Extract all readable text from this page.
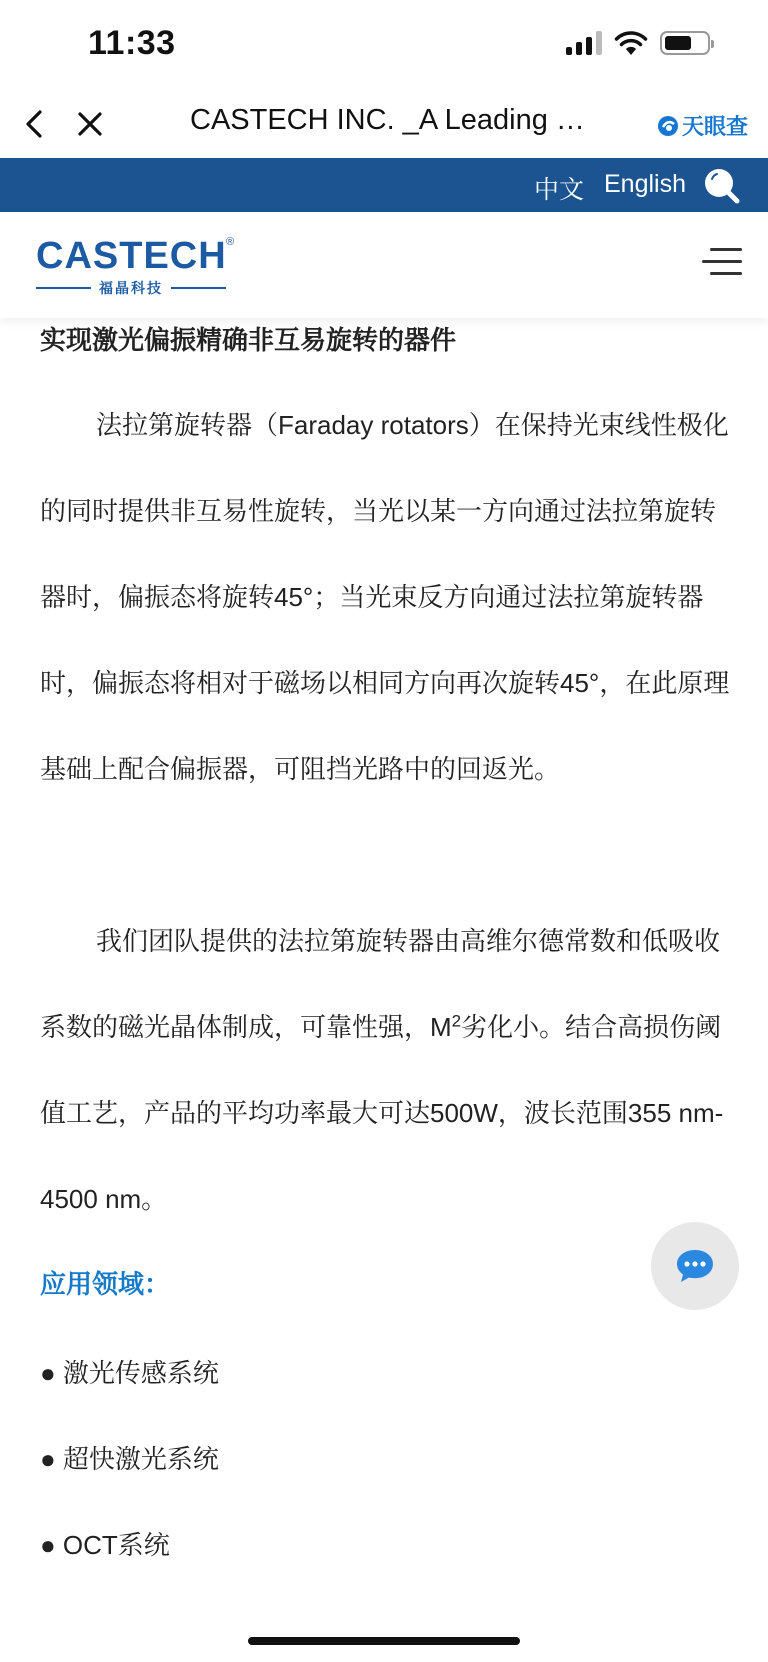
11:33
CASTECH INC. _A Leading …	天眼查
中文 English
CASTECH ®
福晶科技
实现激光偏振精确非互易旋转的器件

法拉第旋转器（Faraday rotators）在保持光束线性极化的同时提供非互易性旋转，当光以某一方向通过法拉第旋转器时，偏振态将旋转45°；当光束反方向通过法拉第旋转器时，偏振态将相对于磁场以相同方向再次旋转45°，在此原理基础上配合偏振器，可阻挡光路中的回返光。

我们团队提供的法拉第旋转器由高维尔德常数和低吸收系数的磁光晶体制成，可靠性强，$M^2$劣化小。结合高损伤阈值工艺，产品的平均功率最大可达500W，波长范围355 nm-4500 nm。

应用领域：
● 激光传感系统
● 超快激光系统
● OCT系统
